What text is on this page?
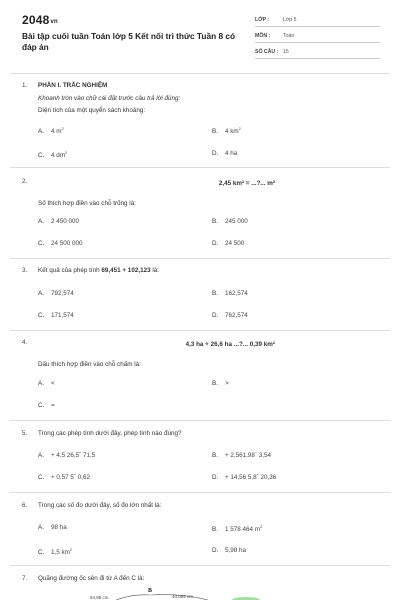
2048vn
Bài tập cuối tuần Toán lớp 5 Kết nối tri thức Tuần 8 có đáp án
LỚP :	Lớp 5
MÔN : Toán
SỐ CÂU : 15
1. PHẦN I. TRẮC NGHIỆM
Khoanh tròn vào chữ cái đặt trước câu trả lời đúng:
Diện tích của một quyển sách khoảng:
A. 4 $m^2$	B. 4 $km^2$
C. 4 $dm^2$	D. 4 ha
2.	2,45 km² = ...?... m²
Số thích hợp điền vào chỗ trống là:
A. 2 450 000	B. 245 000
C. 24 500 000	D. 24 500
3. Kết quả của phép tính 69,451 + 102,123 là:
A. 792,574	B. 162,574
C. 171,574	D. 762,574
4.	4,3 ha + 26,6 ha ...?... 0,39 km²
Dấu thích hợp điền vào chỗ chấm là:
A. <	B. >
C. =
5. Trong các phép tính dưới đây, phép tính nào đúng?
A. + 4,5 26,5‾ 71,5	B. + 2,561,98‾ 3,54
C. + 0,57 5‾ 0,62	D. + 14,56 5,8‾ 20,36
6. Trong các số đo dưới đây, số đo lớn nhất là:
A. 98 ha	B. 1 578 464 $m^2$
C. 1,5 $km^2$	D. 5,98 ha
7. Quãng đường ốc sên đi từ A đến C là:
B
54,85 cm	40,095 cm
